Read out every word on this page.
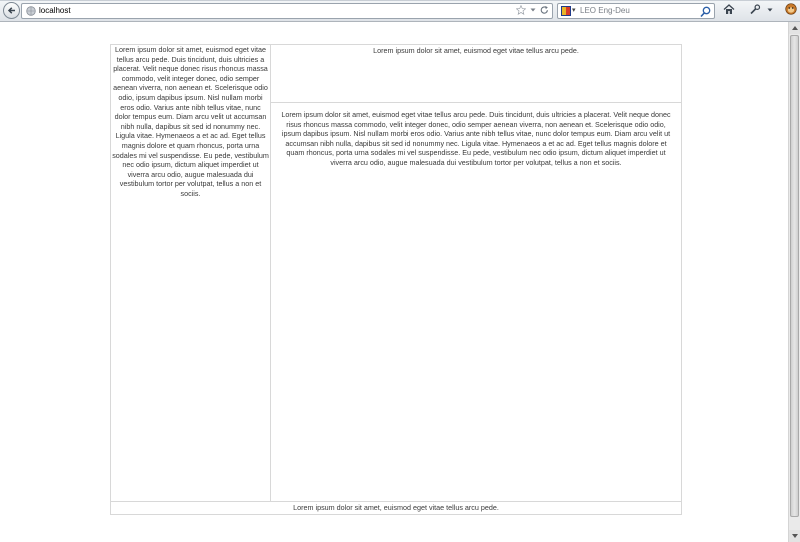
localhost	▾ LEO Eng-Deu

Lorem ipsum dolor sit amet, euismod eget vitae tellus arcu pede. Duis tincidunt, duis ultricies a placerat. Velit neque donec risus rhoncus massa commodo, velit integer donec, odio semper aenean viverra, non aenean et. Scelerisque odio odio, ipsum dapibus ipsum. Nisl nullam morbi eros odio. Varius ante nibh tellus vitae, nunc dolor tempus eum. Diam arcu velit ut accumsan nibh nulla, dapibus sit sed id nonummy nec. Ligula vitae. Hymenaeos a et ac ad. Eget tellus magnis dolore et quam rhoncus, porta urna sodales mi vel suspendisse. Eu pede, vestibulum nec odio ipsum, dictum aliquet imperdiet ut viverra arcu odio, augue malesuada dui vestibulum tortor per volutpat, tellus a non et sociis.

Lorem ipsum dolor sit amet, euismod eget vitae tellus arcu pede.

Lorem ipsum dolor sit amet, euismod eget vitae tellus arcu pede. Duis tincidunt, duis ultricies a placerat. Velit neque donec risus rhoncus massa commodo, velit integer donec, odio semper aenean viverra, non aenean et. Scelerisque odio odio, ipsum dapibus ipsum. Nisl nullam morbi eros odio. Varius ante nibh tellus vitae, nunc dolor tempus eum. Diam arcu velit ut accumsan nibh nulla, dapibus sit sed id nonummy nec. Ligula vitae. Hymenaeos a et ac ad. Eget tellus magnis dolore et quam rhoncus, porta urna sodales mi vel suspendisse. Eu pede, vestibulum nec odio ipsum, dictum aliquet imperdiet ut viverra arcu odio, augue malesuada dui vestibulum tortor per volutpat, tellus a non et sociis.

Lorem ipsum dolor sit amet, euismod eget vitae tellus arcu pede.
